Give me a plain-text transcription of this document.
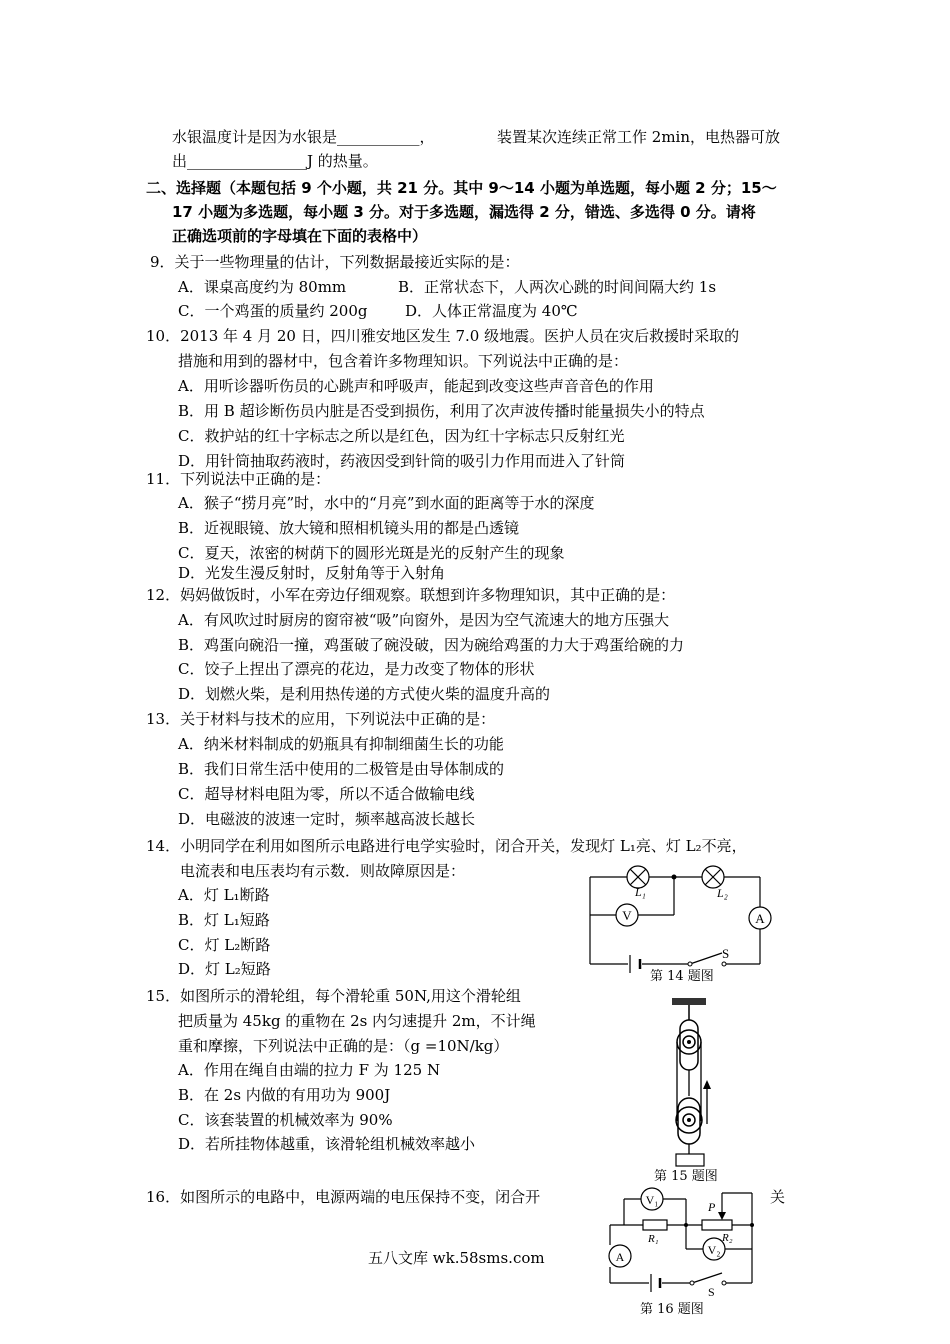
水银温度计是因为水银是___________，	装置某次连续正常工作 2min，电热器可放
出________________J 的热量。
二、选择题（本题包括 9 个小题，共 21 分。其中 9～14 小题为单选题，每小题 2 分；15～
17 小题为多选题，每小题 3 分。对于多选题，漏选得 2 分，错选、多选得 0 分。请将
正确选项前的字母填在下面的表格中）
9．关于一些物理量的估计，下列数据最接近实际的是：
A．课桌高度约为 80mm	B．正常状态下，人两次心跳的时间间隔大约 1s
C．一个鸡蛋的质量约 200g	D．人体正常温度为 40℃
10．2013 年 4 月 20 日，四川雅安地区发生 7.0 级地震。医护人员在灾后救援时采取的
措施和用到的器材中，包含着许多物理知识。下列说法中正确的是：
A．用听诊器听伤员的心跳声和呼吸声，能起到改变这些声音音色的作用
B．用 B 超诊断伤员内脏是否受到损伤，利用了次声波传播时能量损失小的特点
C．救护站的红十字标志之所以是红色，因为红十字标志只反射红光
D．用针筒抽取药液时，药液因受到针筒的吸引力作用而进入了针筒
11．下列说法中正确的是：
A．猴子“捞月亮”时，水中的“月亮”到水面的距离等于水的深度
B．近视眼镜、放大镜和照相机镜头用的都是凸透镜
C．夏天，浓密的树荫下的圆形光斑是光的反射产生的现象
D．光发生漫反射时，反射角等于入射角
12．妈妈做饭时，小军在旁边仔细观察。联想到许多物理知识，其中正确的是：
A．有风吹过时厨房的窗帘被“吸”向窗外，是因为空气流速大的地方压强大
B．鸡蛋向碗沿一撞，鸡蛋破了碗没破，因为碗给鸡蛋的力大于鸡蛋给碗的力
C．饺子上捏出了漂亮的花边，是力改变了物体的形状
D．划燃火柴，是利用热传递的方式使火柴的温度升高的
13．关于材料与技术的应用，下列说法中正确的是：
A．纳米材料制成的奶瓶具有抑制细菌生长的功能
B．我们日常生活中使用的二极管是由导体制成的
C．超导材料电阻为零，所以不适合做输电线
D．电磁波的波速一定时，频率越高波长越长
14．小明同学在利用如图所示电路进行电学实验时，闭合开关，发现灯 L₁亮、灯 L₂不亮，
电流表和电压表均有示数．则故障原因是：
A．灯 L₁断路
B．灯 L₁短路
C．灯 L₂断路
D．灯 L₂短路
V	A
L₁	L₂
S
第 14 题图
15．如图所示的滑轮组，每个滑轮重 50N,用这个滑轮组
把质量为 45kg 的重物在 2s 内匀速提升 2m，不计绳
重和摩擦，下列说法中正确的是：（g =10N/kg）
A．作用在绳自由端的拉力 F 为 125 N
B．在 2s 内做的有用功为 900J
C．该套装置的机械效率为 90%
D．若所挂物体越重，该滑轮组机械效率越小
第 15 题图
16．如图所示的电路中，电源两端的电压保持不变，闭合开	关
V₁
R₁
P
R₂
V₂
A
S
第 16 题图
五八文库 wk.58sms.com
